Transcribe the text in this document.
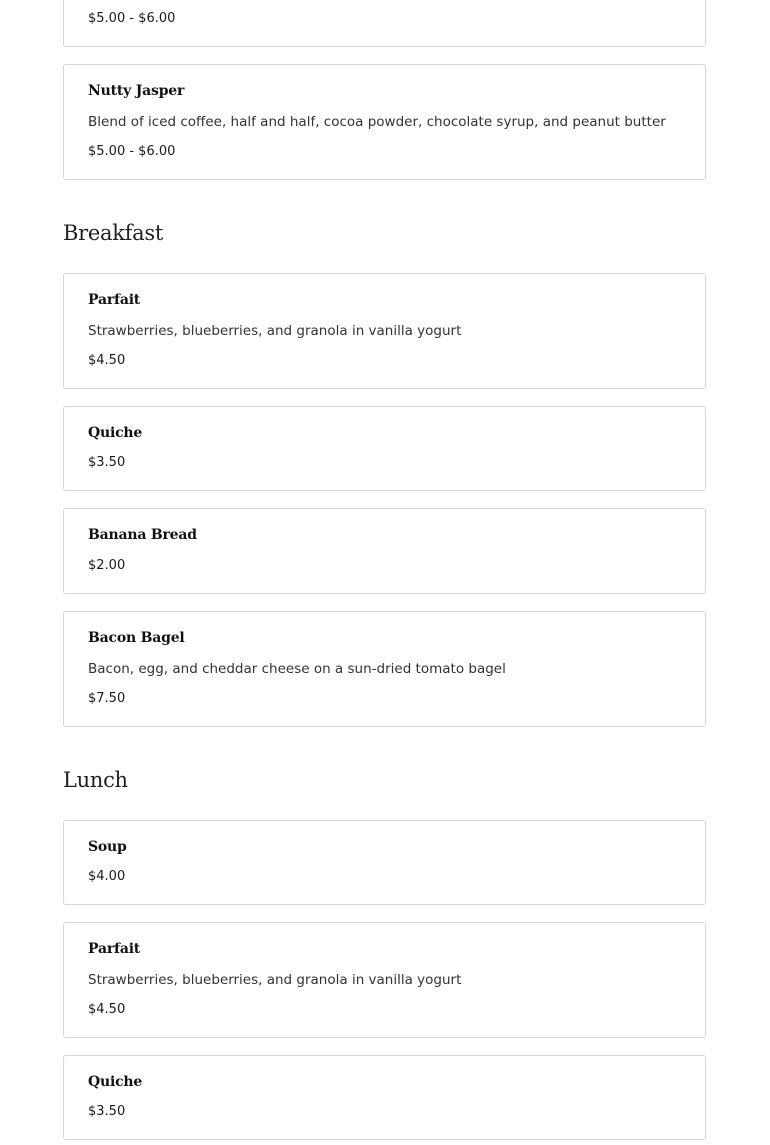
$5.00 - $6.00
Nutty Jasper
Blend of iced coffee, half and half, cocoa powder, chocolate syrup, and peanut butter
$5.00 - $6.00
Breakfast
Parfait
Strawberries, blueberries, and granola in vanilla yogurt
$4.50
Quiche
$3.50
Banana Bread
$2.00
Bacon Bagel
Bacon, egg, and cheddar cheese on a sun-dried tomato bagel
$7.50
Lunch
Soup
$4.00
Parfait
Strawberries, blueberries, and granola in vanilla yogurt
$4.50
Quiche
$3.50
